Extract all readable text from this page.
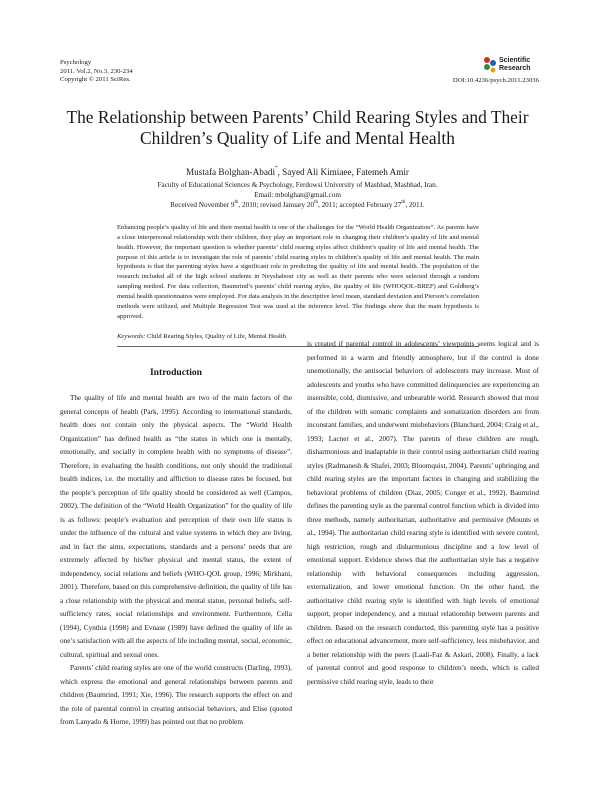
Psychology
2011. Vol.2, No.3, 230-234
Copyright © 2011 SciRes.
Scientific
Research
DOI:10.4236/psych.2011.23036
The Relationship between Parents’ Child Rearing Styles and Their Children’s Quality of Life and Mental Health
Mustafa Bolghan-Abadi*, Sayed Ali Kimiaee, Fatemeh Amir
Faculty of Educational Sciences & Psychology, Ferdowsi University of Mashhad, Mashhad, Iran.
Email: mbolghan@gmail.com
Received November 9th, 2010; revised January 20th, 2011; accepted February 27th, 2011.

Enhancing people’s quality of life and their mental health is one of the challenges for the “World Health Organization”. As parents have a close interpersonal relationship with their children, they play an important role in changing their children’s quality of life and mental health. However, the important question is whether parents’ child rearing styles affect children’s quality of life and mental health. The purpose of this article is to investigate the role of parents’ child rearing styles in children’s quality of life and mental health. The main hypothesis is that the parenting styles have a significant role in predicting the quality of life and mental health. The population of the research included all of the high school students in Neyshabour city as well as their parents who were selected through a random sampling method. For data collection, Baumrind’s parents’ child rearing styles, the quality of life (WHOQOL-BREF) and Goldberg’s mental health questionnaires were employed. For data analysis in the descriptive level mean, standard deviation and Pierson’s correlation methods were utilized, and Multiple Regression Test was used at the inference level. The findings show that the main hypothesis is approved.

Keywords: Child Rearing Styles, Quality of Life, Mental Health
Introduction

The quality of life and mental health are two of the main factors of the general concepts of health (Park, 1995). According to international standards, health does not contain only the physical aspects. The “World Health Organization” has defined health as “the status in which one is mentally, emotionally, and socially in complete health with no symptoms of disease”. Therefore, in evaluating the health conditions, not only should the traditional health indices, i.e. the mortality and affliction to disease rates be focused, but the people’s perception of life quality should be considered as well (Campos, 2002). The definition of the “World Health Organization” for the quality of life is as follows: people’s evaluation and perception of their own life status is under the influence of the cultural and value systems in which they are living, and in fact the aims, expectations, standards and a persons’ needs that are extremely affected by his/her physical and mental status, the extent of independency, social relations and beliefs (WHO-QOL group, 1996; Mirkhani, 2001). Therefore, based on this comprehensive definition, the quality of life has a close relationship with the physical and mental statue, personal beliefs, self-sufficiency rates, social relationships and environment. Furthermore, Cella (1994), Cynthia (1998) and Evnase (1989) have defined the quality of life as one’s satisfaction with all the aspects of life including mental, social, economic, cultural, spiritual and sexual ones.

Parents’ child rearing styles are one of the world constructs (Darling, 1993), which express the emotional and general relationships between parents and children (Baumrind, 1991; Xie, 1996). The research supports the effect on and the role of parental control in creating antisocial behaviors, and Elise (quoted from Lanyado & Horne, 1999) has pointed out that no problem

is created if parental control in adolescents’ viewpoints seems logical and is performed in a warm and friendly atmosphere, but if the control is done unemotionally, the antisocial behaviors of adolescents may increase. Most of adolescents and youths who have committed delinquencies are experiencing an insensible, cold, dismissive, and unbearable world. Research showed that most of the children with somatic complaints and somatization disorders are from inconstant families, and underwent misbehaviors (Blanchard, 2004; Craig et al., 1993; Lacner et al., 2007). The parents of these children are rough, disharmonious and inadaptable in their control using authoritarian child rearing styles (Radmanesh & Shafei, 2003; Bloomquist, 2004). Parents’ upbringing and child rearing styles are the important factors in changing and stabilizing the behavioral problems of children (Diaz, 2005; Conger et al., 1992). Baumrind defines the parenting style as the parental control function which is divided into three methods, namely authoritarian, authoritative and permissive (Mounts et al., 1994). The authoritarian child rearing style is identified with severe control, high restriction, rough and disharmonious discipline and a low level of emotional support. Evidence shows that the authoritarian style has a negative relationship with behavioral consequences including aggression, externalization, and lower emotional function. On the other hand, the authoritative child rearing style is identified with high levels of emotional support, proper independency, and a mutual relationship between parents and children. Based on the research conducted, this parenting style has a positive effect on educational advancement, more self-sufficiency, less misbehavior, and a better relationship with the peers (Laali-Faz & Askari, 2008). Finally, a lack of parental control and good response to children’s needs, which is called permissive child rearing style, leads to their
